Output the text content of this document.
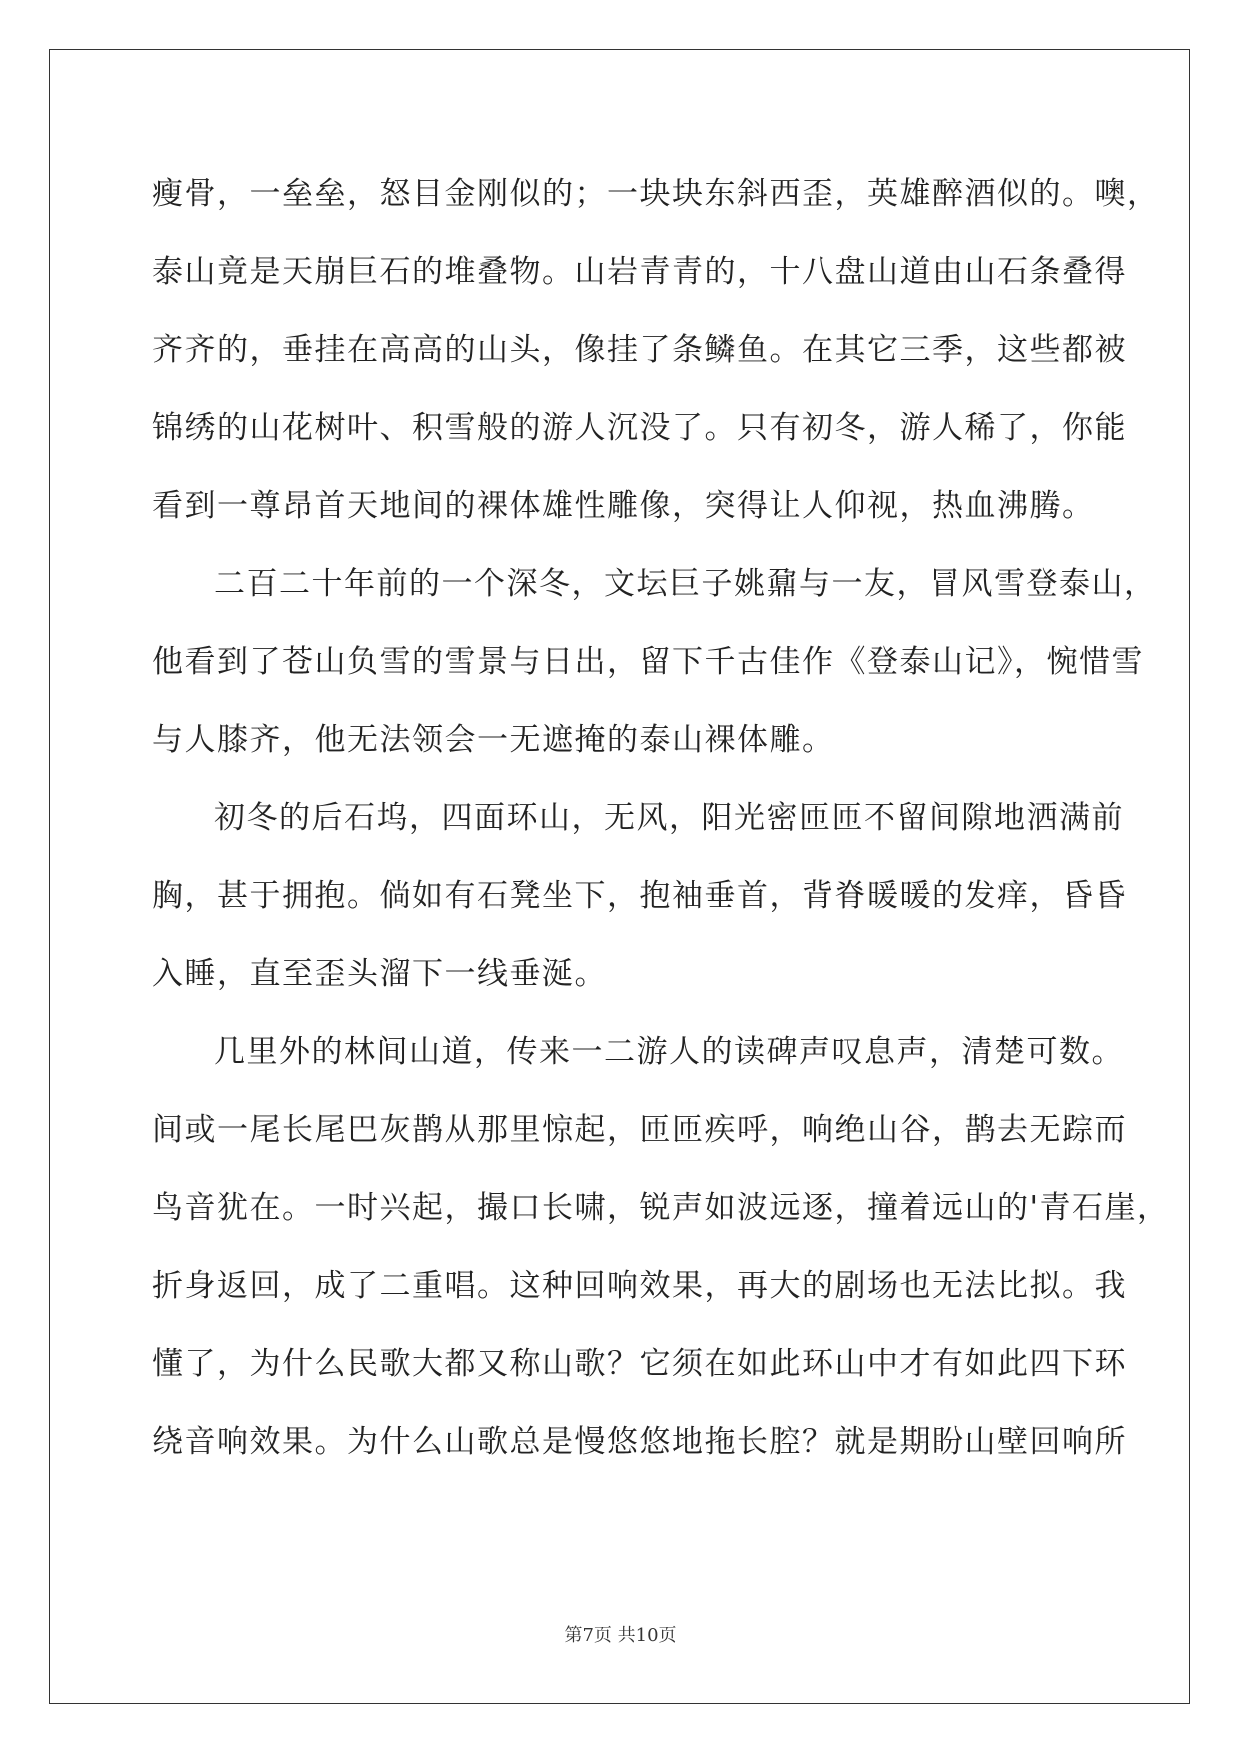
瘦骨，一垒垒，怒目金刚似的；一块块东斜西歪，英雄醉酒似的。噢，
泰山竟是天崩巨石的堆叠物。山岩青青的，十八盘山道由山石条叠得
齐齐的，垂挂在高高的山头，像挂了条鳞鱼。在其它三季，这些都被
锦绣的山花树叶、积雪般的游人沉没了。只有初冬，游人稀了，你能
看到一尊昂首天地间的裸体雄性雕像，突得让人仰视，热血沸腾。
二百二十年前的一个深冬，文坛巨子姚鼐与一友，冒风雪登泰山，
他看到了苍山负雪的雪景与日出，留下千古佳作《登泰山记》，惋惜雪
与人膝齐，他无法领会一无遮掩的泰山裸体雕。
初冬的后石坞，四面环山，无风，阳光密匝匝不留间隙地洒满前
胸，甚于拥抱。倘如有石凳坐下，抱袖垂首，背脊暖暖的发痒，昏昏
入睡，直至歪头溜下一线垂涎。
几里外的林间山道，传来一二游人的读碑声叹息声，清楚可数。
间或一尾长尾巴灰鹊从那里惊起，匝匝疾呼，响绝山谷，鹊去无踪而
鸟音犹在。一时兴起，撮口长啸，锐声如波远逐，撞着远山的'青石崖，
折身返回，成了二重唱。这种回响效果，再大的剧场也无法比拟。我
懂了，为什么民歌大都又称山歌？它须在如此环山中才有如此四下环
绕音响效果。为什么山歌总是慢悠悠地拖长腔？就是期盼山壁回响所
第7页 共10页
